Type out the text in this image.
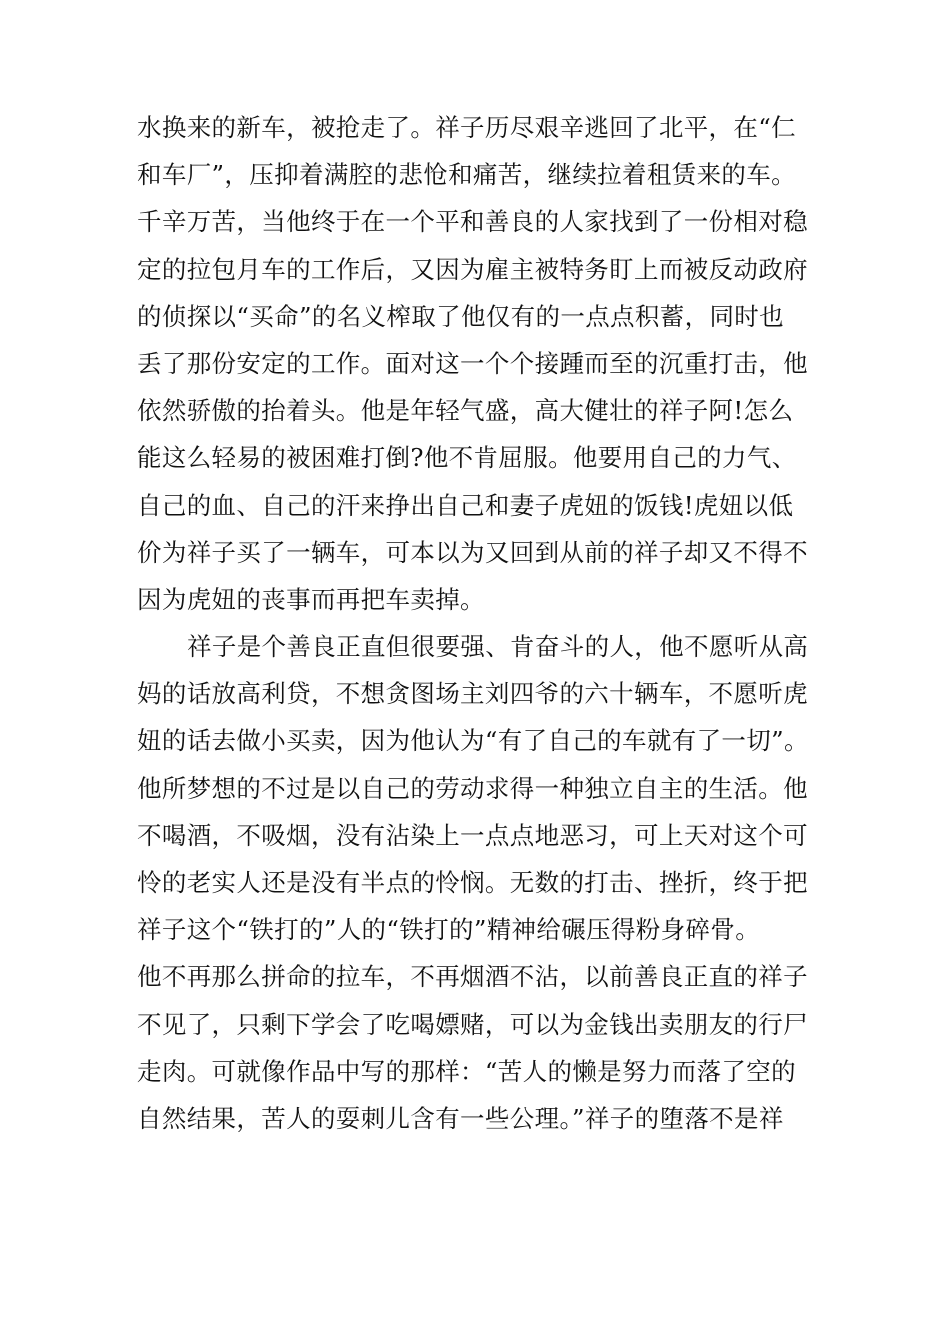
水换来的新车，被抢走了。祥子历尽艰辛逃回了北平，在“仁
和车厂”，压抑着满腔的悲怆和痛苦，继续拉着租赁来的车。
千辛万苦，当他终于在一个平和善良的人家找到了一份相对稳
定的拉包月车的工作后，又因为雇主被特务盯上而被反动政府
的侦探以“买命”的名义榨取了他仅有的一点点积蓄，同时也
丢了那份安定的工作。面对这一个个接踵而至的沉重打击，他
依然骄傲的抬着头。他是年轻气盛，高大健壮的祥子阿!怎么
能这么轻易的被困难打倒?他不肯屈服。他要用自己的力气、
自己的血、自己的汗来挣出自己和妻子虎妞的饭钱!虎妞以低
价为祥子买了一辆车，可本以为又回到从前的祥子却又不得不
因为虎妞的丧事而再把车卖掉。
祥子是个善良正直但很要强、肯奋斗的人，他不愿听从高
妈的话放高利贷，不想贪图场主刘四爷的六十辆车，不愿听虎
妞的话去做小买卖，因为他认为“有了自己的车就有了一切”。
他所梦想的不过是以自己的劳动求得一种独立自主的生活。他
不喝酒，不吸烟，没有沾染上一点点地恶习，可上天对这个可
怜的老实人还是没有半点的怜悯。无数的打击、挫折，终于把
祥子这个“铁打的”人的“铁打的”精神给碾压得粉身碎骨。
他不再那么拼命的拉车，不再烟酒不沾，以前善良正直的祥子
不见了，只剩下学会了吃喝嫖赌，可以为金钱出卖朋友的行尸
走肉。可就像作品中写的那样：“苦人的懒是努力而落了空的
自然结果，苦人的耍刺儿含有一些公理。”祥子的堕落不是祥
